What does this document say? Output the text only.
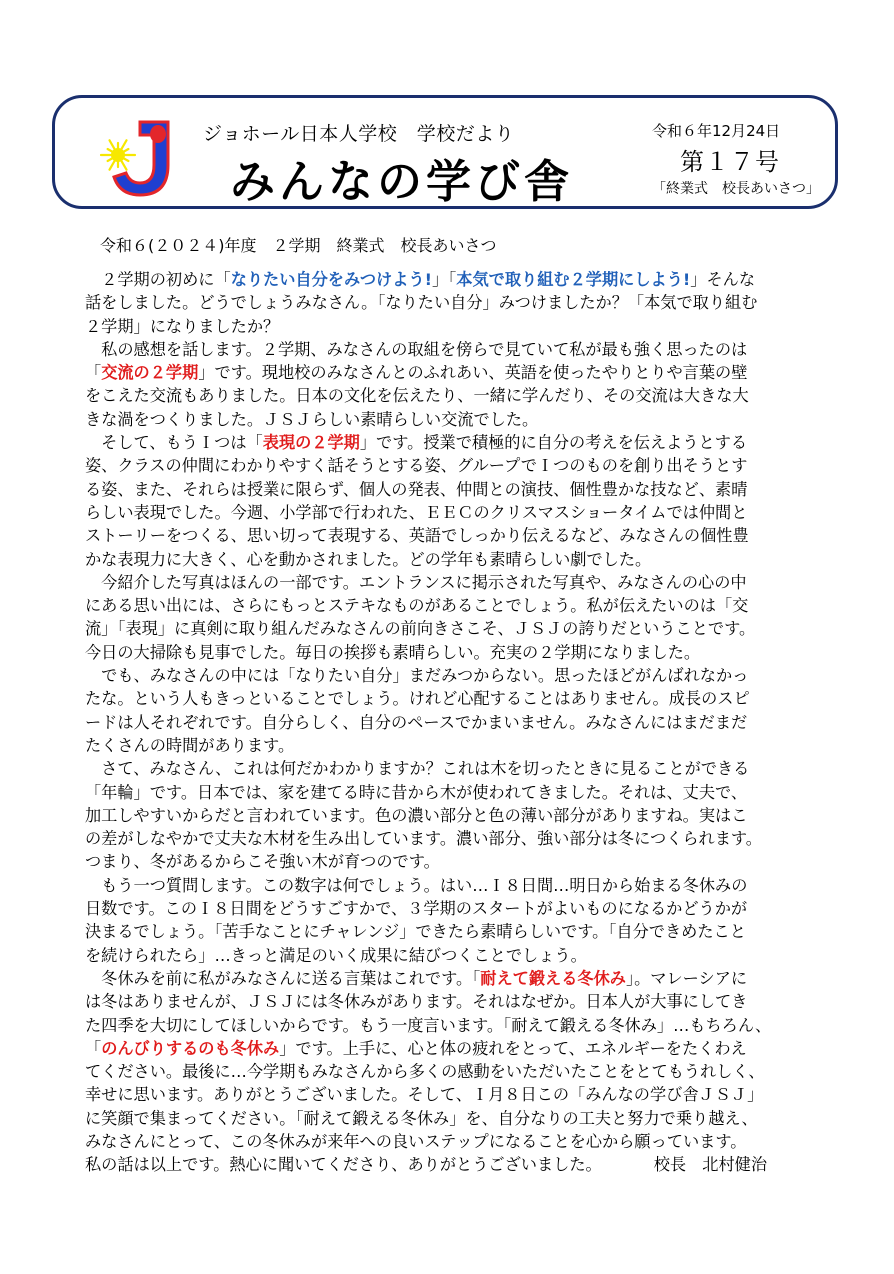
ジョホール日本人学校　学校だより
みんなの学び舎
令和６年12月24日
第１７号
「終業式　校長あいさつ」
令和６(２０２４)年度　２学期　終業式　校長あいさつ
　２学期の初めに「なりたい自分をみつけよう!」「本気で取り組む２学期にしよう!」そんな
話をしました。どうでしょうみなさん。「なりたい自分」みつけましたか？「本気で取り組む
２学期」になりましたか？
　私の感想を話します。２学期、みなさんの取組を傍らで見ていて私が最も強く思ったのは
「交流の２学期」です。現地校のみなさんとのふれあい、英語を使ったやりとりや言葉の壁
をこえた交流もありました。日本の文化を伝えたり、一緒に学んだり、その交流は大きな大
きな渦をつくりました。ＪＳＪらしい素晴らしい交流でした。
　そして、もうＩつは「表現の２学期」です。授業で積極的に自分の考えを伝えようとする
姿、クラスの仲間にわかりやすく話そうとする姿、グループでＩつのものを創り出そうとす
る姿、また、それらは授業に限らず、個人の発表、仲間との演技、個性豊かな技など、素晴
らしい表現でした。今週、小学部で行われた、ＥＥＣのクリスマスショータイムでは仲間と
ストーリーをつくる、思い切って表現する、英語でしっかり伝えるなど、みなさんの個性豊
かな表現力に大きく、心を動かされました。どの学年も素晴らしい劇でした。
　今紹介した写真はほんの一部です。エントランスに掲示された写真や、みなさんの心の中
にある思い出には、さらにもっとステキなものがあることでしょう。私が伝えたいのは「交
流」「表現」に真剣に取り組んだみなさんの前向きさこそ、ＪＳＪの誇りだということです。
今日の大掃除も見事でした。毎日の挨拶も素晴らしい。充実の２学期になりました。
　でも、みなさんの中には「なりたい自分」まだみつからない。思ったほどがんばれなかっ
たな。という人もきっといることでしょう。けれど心配することはありません。成長のスピ
ードは人それぞれです。自分らしく、自分のペースでかまいません。みなさんにはまだまだ
たくさんの時間があります。
　さて、みなさん、これは何だかわかりますか？これは木を切ったときに見ることができる
「年輪」です。日本では、家を建てる時に昔から木が使われてきました。それは、丈夫で、
加工しやすいからだと言われています。色の濃い部分と色の薄い部分がありますね。実はこ
の差がしなやかで丈夫な木材を生み出しています。濃い部分、強い部分は冬につくられます。
つまり、冬があるからこそ強い木が育つのです。
　もう一つ質問します。この数字は何でしょう。はい…Ｉ８日間…明日から始まる冬休みの
日数です。このＩ８日間をどうすごすかで、３学期のスタートがよいものになるかどうかが
決まるでしょう。「苦手なことにチャレンジ」できたら素晴らしいです。「自分できめたこと
を続けられたら」…きっと満足のいく成果に結びつくことでしょう。
　冬休みを前に私がみなさんに送る言葉はこれです。「耐えて鍛える冬休み」。マレーシアに
は冬はありませんが、ＪＳＪには冬休みがあります。それはなぜか。日本人が大事にしてき
た四季を大切にしてほしいからです。もう一度言います。「耐えて鍛える冬休み」…もちろん、
「のんびりするのも冬休み」です。上手に、心と体の疲れをとって、エネルギーをたくわえ
てください。最後に…今学期もみなさんから多くの感動をいただいたことをとてもうれしく、
幸せに思います。ありがとうございました。そして、Ｉ月８日この「みんなの学び舎ＪＳＪ」
に笑顔で集まってください。「耐えて鍛える冬休み」を、自分なりの工夫と努力で乗り越え、
みなさんにとって、この冬休みが来年への良いステップになることを心から願っています。
私の話は以上です。熱心に聞いてくださり、ありがとうございました。	校長　北村健治
